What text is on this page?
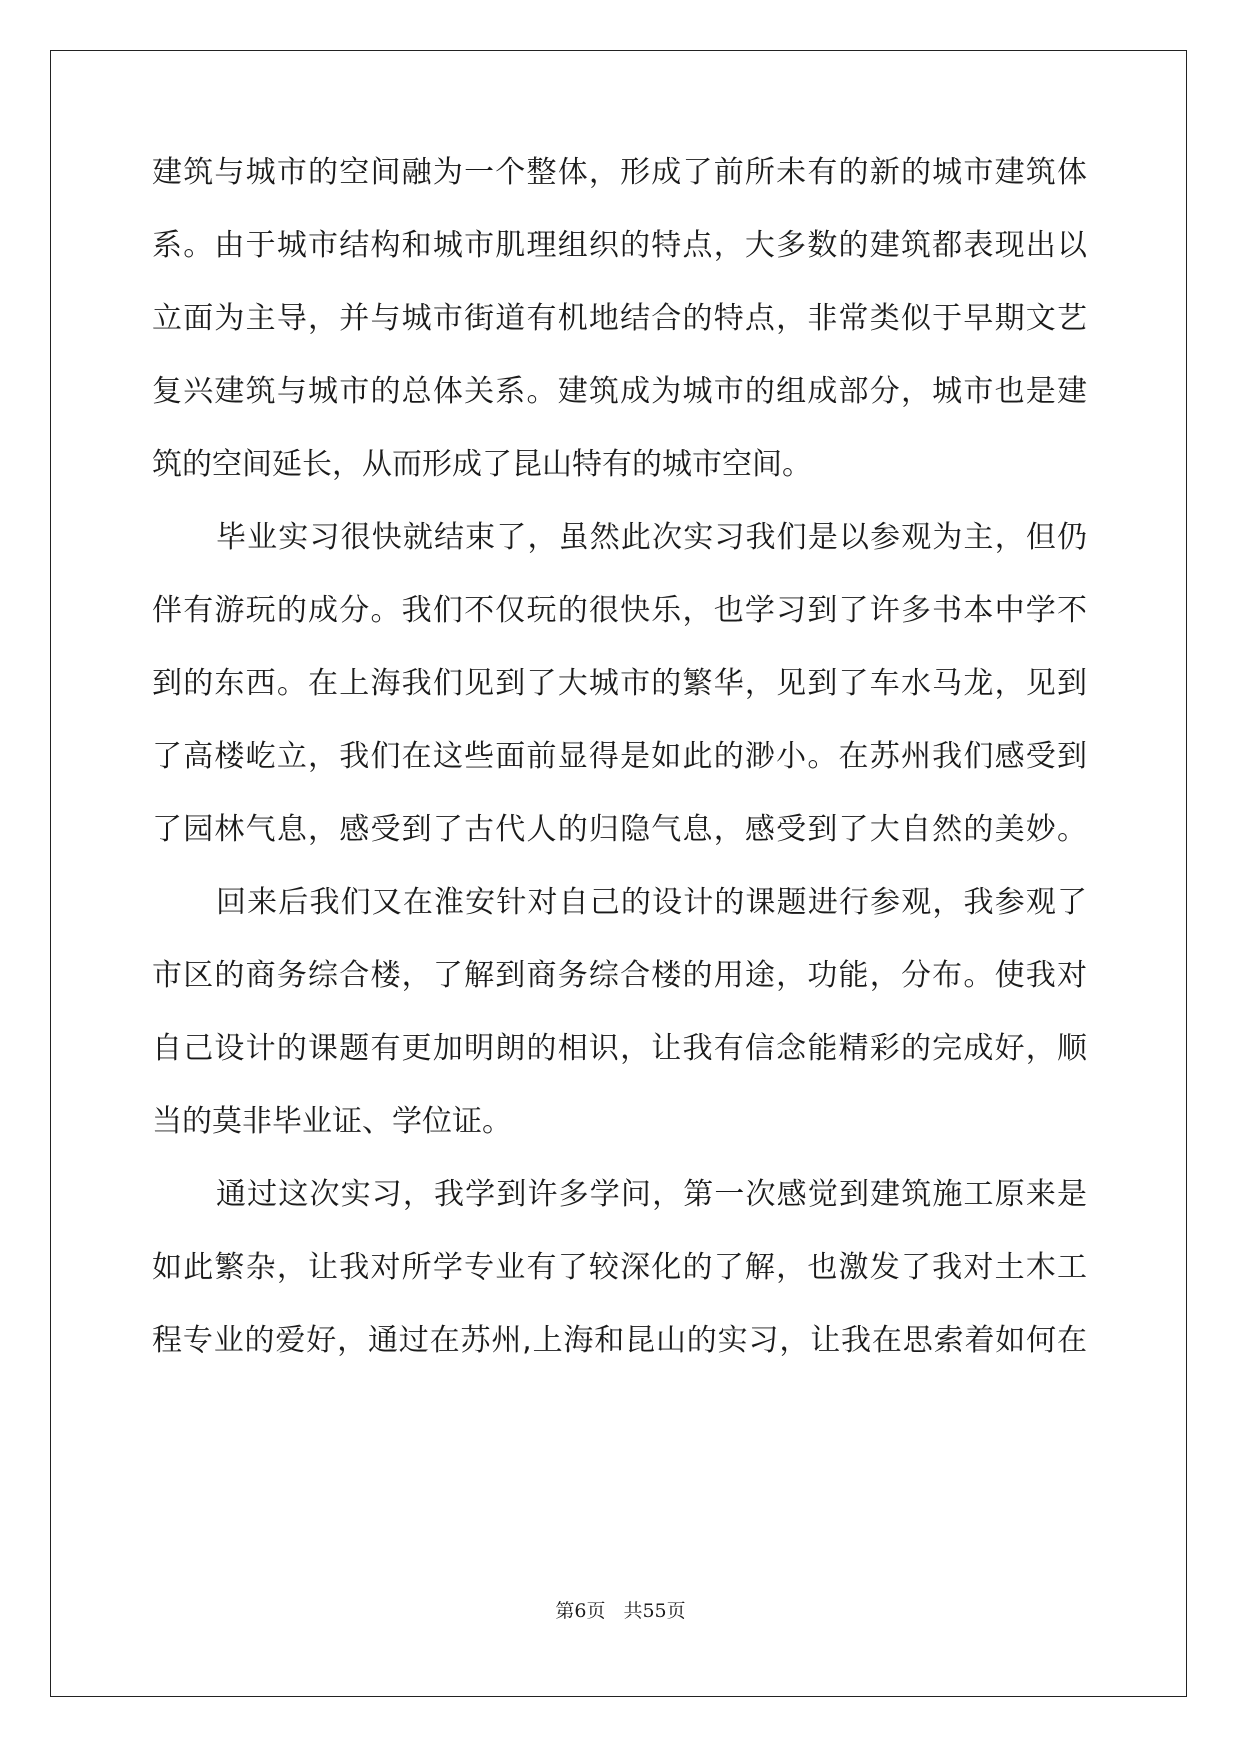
建筑与城市的空间融为一个整体，形成了前所未有的新的城市建筑体
系。由于城市结构和城市肌理组织的特点，大多数的建筑都表现出以
立面为主导，并与城市街道有机地结合的特点，非常类似于早期文艺
复兴建筑与城市的总体关系。建筑成为城市的组成部分，城市也是建
筑的空间延长，从而形成了昆山特有的城市空间。
毕业实习很快就结束了，虽然此次实习我们是以参观为主，但仍
伴有游玩的成分。我们不仅玩的很快乐，也学习到了许多书本中学不
到的东西。在上海我们见到了大城市的繁华，见到了车水马龙，见到
了高楼屹立，我们在这些面前显得是如此的渺小。在苏州我们感受到
了园林气息，感受到了古代人的归隐气息，感受到了大自然的美妙。
回来后我们又在淮安针对自己的设计的课题进行参观，我参观了
市区的商务综合楼，了解到商务综合楼的用途，功能，分布。使我对
自己设计的课题有更加明朗的相识，让我有信念能精彩的完成好，顺
当的莫非毕业证、学位证。
通过这次实习，我学到许多学问，第一次感觉到建筑施工原来是
如此繁杂，让我对所学专业有了较深化的了解，也激发了我对土木工
程专业的爱好，通过在苏州,上海和昆山的实习，让我在思索着如何在
第6页 共55页
